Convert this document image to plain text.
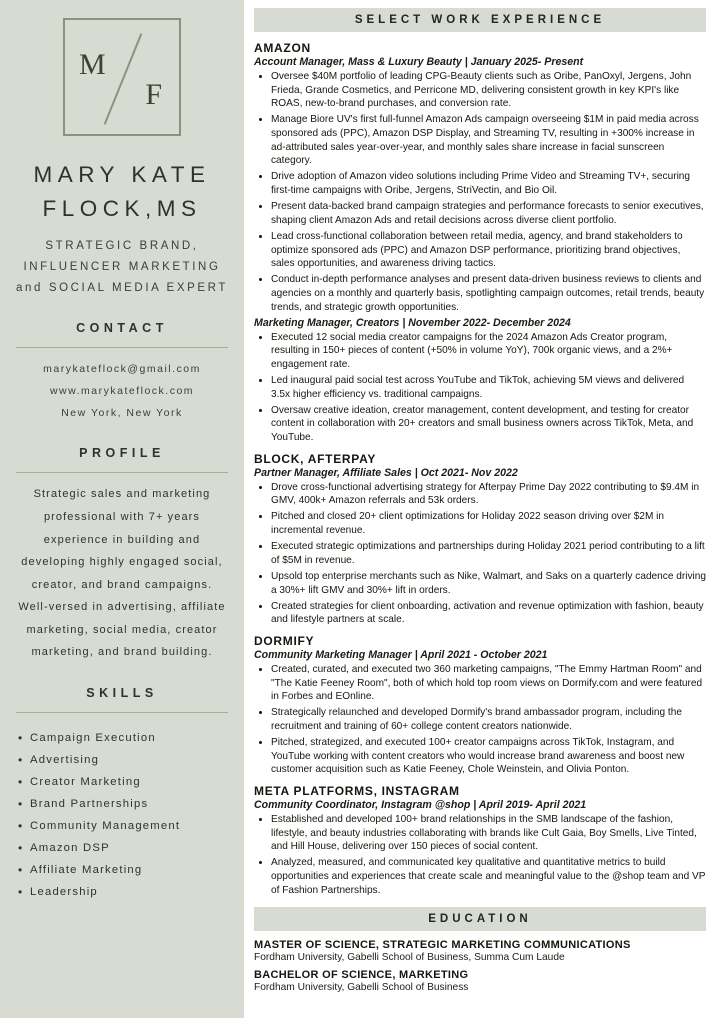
M
F
MARY KATE FLOCK,MS
STRATEGIC BRAND, INFLUENCER MARKETING and SOCIAL MEDIA EXPERT
CONTACT
marykateflock@gmail.com
www.marykateflock.com
New York, New York
PROFILE
Strategic sales and marketing professional with 7+ years experience in building and developing highly engaged social, creator, and brand campaigns. Well-versed in advertising, affiliate marketing, social media, creator marketing, and brand building.
SKILLS
• Campaign Execution
• Advertising
• Creator Marketing
• Brand Partnerships
• Community Management
• Amazon DSP
• Affiliate Marketing
• Leadership
SELECT WORK EXPERIENCE
AMAZON
Account Manager, Mass & Luxury Beauty | January 2025- Present
• Oversee $40M portfolio of leading CPG-Beauty clients such as Oribe, PanOxyl, Jergens, John Frieda, Grande Cosmetics, and Perricone MD, delivering consistent growth in key KPI's like ROAS, new-to-brand purchases, and conversion rate.
• Manage Biore UV's first full-funnel Amazon Ads campaign overseeing $1M in paid media across sponsored ads (PPC), Amazon DSP Display, and Streaming TV, resulting in +300% increase in ad-attributed sales year-over-year, and monthly sales share increase in facial sunscreen category.
• Drive adoption of Amazon video solutions including Prime Video and Streaming TV+, securing first-time campaigns with Oribe, Jergens, StriVectin, and Bio Oil.
• Present data-backed brand campaign strategies and performance forecasts to senior executives, shaping client Amazon Ads and retail decisions across diverse client portfolio.
• Lead cross-functional collaboration between retail media, agency, and brand stakeholders to optimize sponsored ads (PPC) and Amazon DSP performance, prioritizing brand objectives, sales opportunities, and awareness driving tactics.
• Conduct in-depth performance analyses and present data-driven business reviews to clients and agencies on a monthly and quarterly basis, spotlighting campaign outcomes, retail trends, beauty trends, and strategic growth opportunities.
Marketing Manager, Creators | November 2022- December 2024
• Executed 12 social media creator campaigns for the 2024 Amazon Ads Creator program, resulting in 150+ pieces of content (+50% in volume YoY), 700k organic views, and a 2%+ engagement rate.
• Led inaugural paid social test across YouTube and TikTok, achieving 5M views and delivered 3.5x higher efficiency vs. traditional campaigns.
• Oversaw creative ideation, creator management, content development, and testing for creator content in collaboration with 20+ creators and small business owners across TikTok, Meta, and YouTube.
BLOCK, AFTERPAY
Partner Manager, Affiliate Sales | Oct 2021- Nov 2022
• Drove cross-functional advertising strategy for Afterpay Prime Day 2022 contributing to $9.4M in GMV, 400k+ Amazon referrals and 53k orders.
• Pitched and closed 20+ client optimizations for Holiday 2022 season driving over $2M in incremental revenue.
• Executed strategic optimizations and partnerships during Holiday 2021 period contributing to a lift of $5M in revenue.
• Upsold top enterprise merchants such as Nike, Walmart, and Saks on a quarterly cadence driving a 30%+ lift GMV and 30%+ lift in orders.
• Created strategies for client onboarding, activation and revenue optimization with fashion, beauty and lifestyle partners at scale.
DORMIFY
Community Marketing Manager | April 2021 - October 2021
• Created, curated, and executed two 360 marketing campaigns, "The Emmy Hartman Room" and "The Katie Feeney Room", both of which hold top room views on Dormify.com and were featured in Forbes and EOnline.
• Strategically relaunched and developed Dormify's brand ambassador program, including the recruitment and training of 60+ college content creators nationwide.
• Pitched, strategized, and executed 100+ creator campaigns across TikTok, Instagram, and YouTube working with content creators who would increase brand awareness and boost new customer acquisition such as Katie Feeney, Chole Weinstein, and Olivia Ponton.
META PLATFORMS, INSTAGRAM
Community Coordinator, Instagram @shop | April 2019- April 2021
• Established and developed 100+ brand relationships in the SMB landscape of the fashion, lifestyle, and beauty industries collaborating with brands like Cult Gaia, Boy Smells, Live Tinted, and Hill House, delivering over 150 pieces of social content.
• Analyzed, measured, and communicated key qualitative and quantitative metrics to build opportunities and experiences that create scale and meaningful value to the @shop team and VP of Fashion Partnerships.
EDUCATION
MASTER OF SCIENCE, STRATEGIC MARKETING COMMUNICATIONS
Fordham University, Gabelli School of Business, Summa Cum Laude
BACHELOR OF SCIENCE, MARKETING
Fordham University, Gabelli School of Business
